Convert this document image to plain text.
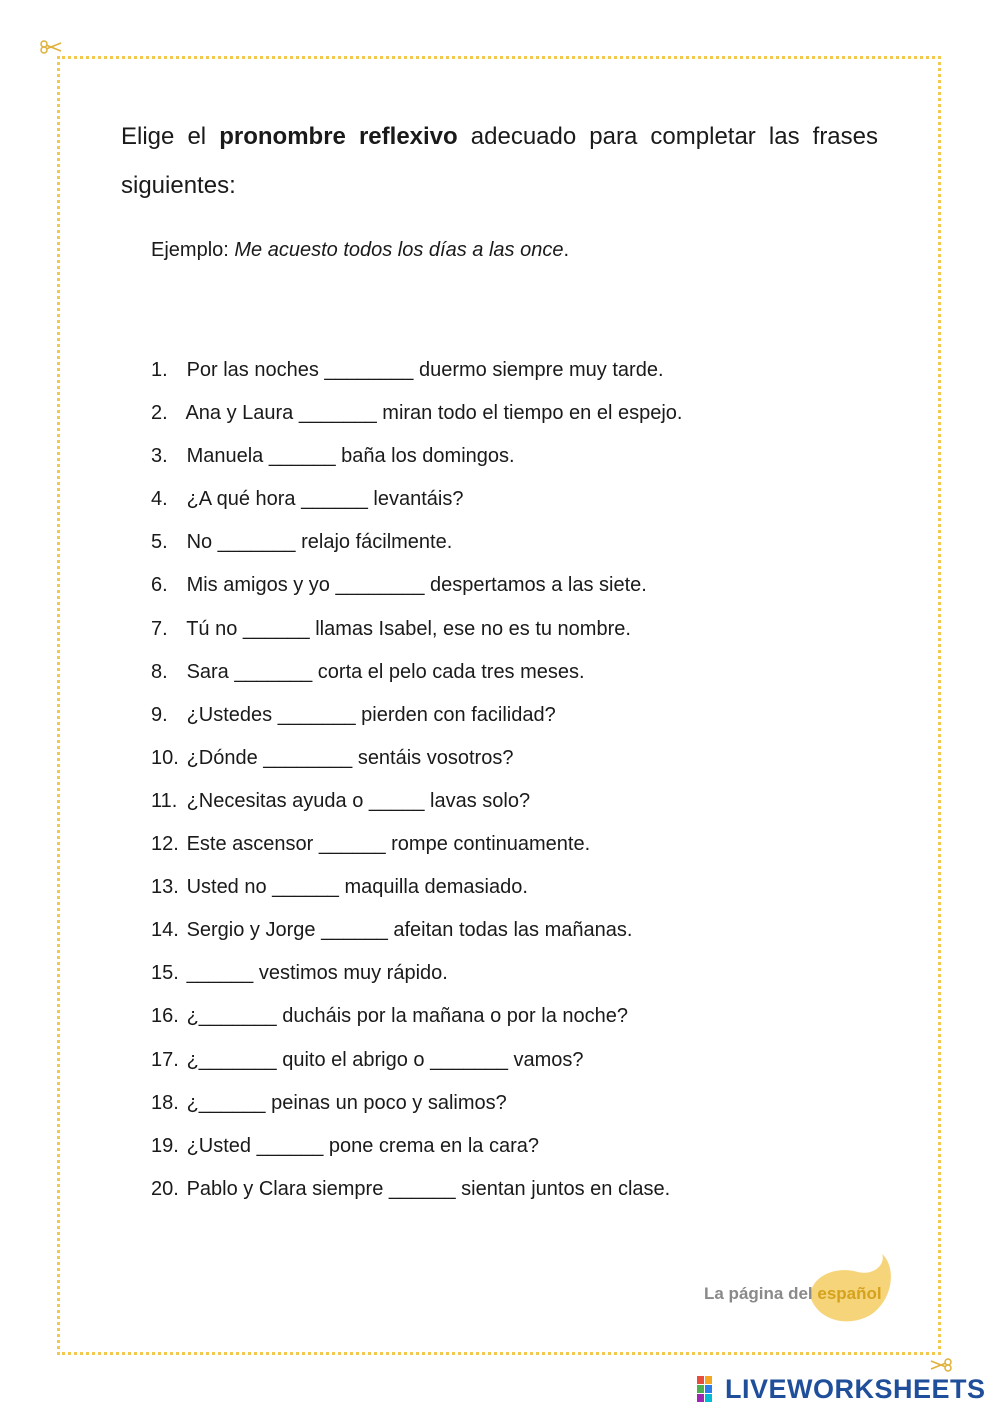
Elige el pronombre reflexivo adecuado para completar las frases siguientes:

Ejemplo: Me acuesto todos los días a las once.
1. Por las noches ________ duermo siempre muy tarde.
2. Ana y Laura _______ miran todo el tiempo en el espejo.
3. Manuela ______ baña los domingos.
4. ¿A qué hora ______ levantáis?
5. No _______ relajo fácilmente.
6. Mis amigos y yo ________ despertamos a las siete.
7. Tú no ______ llamas Isabel, ese no es tu nombre.
8. Sara _______ corta el pelo cada tres meses.
9. ¿Ustedes _______ pierden con facilidad?
10. ¿Dónde ________ sentáis vosotros?
11. ¿Necesitas ayuda o _____ lavas solo?
12. Este ascensor ______ rompe continuamente.
13. Usted no ______ maquilla demasiado.
14. Sergio y Jorge ______ afeitan todas las mañanas.
15. ______ vestimos muy rápido.
16. ¿_______ ducháis por la mañana o por la noche?
17. ¿_______ quito el abrigo o _______ vamos?
18. ¿______ peinas un poco y salimos?
19. ¿Usted ______ pone crema en la cara?
20. Pablo y Clara siempre ______ sientan juntos en clase.
La página del español
LIVEWORKSHEETS
